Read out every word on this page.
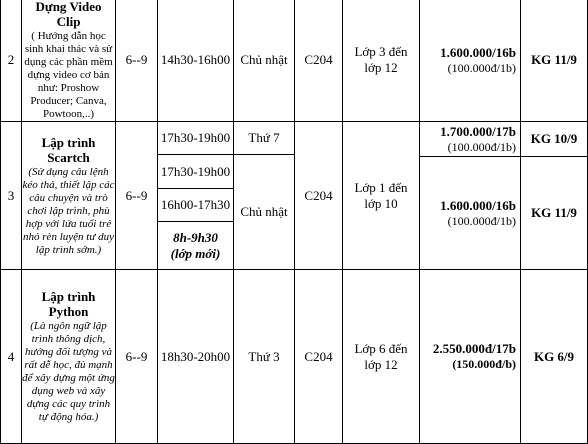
2
Dựng Video Clip
( Hướng dẫn học sinh khai thác và sử dụng các phần mềm dựng video cơ bản như: Proshow Producer; Canva, Powtoon,..)
6--9 14h30-16h00 Chủ nhật C204
Lớp 3 đến lớp 12
1.600.000/16b
(100.000đ/1b)
KG 11/9
3
Lập trình Scartch
(Sử dụng câu lệnh kéo thả, thiết lập các câu chuyện và trò chơi lập trình, phù hợp với lứa tuổi trẻ nhỏ rèn luyện tư duy lập trình sớm.)
6--9
17h30-19h00
17h30-19h00
16h00-17h30
8h-9h30
(lớp mới)
Thứ 7
Chủ nhật
C204
Lớp 1 đến lớp 10
1.700.000/17b
(100.000đ/1b)
1.600.000/16b
(100.000đ/1b)
KG 10/9
KG 11/9
4
Lập trình Python
(Là ngôn ngữ lập trình thông dịch, hướng đối tượng và rất dễ học, đủ mạnh để xây dựng một ứng dụng web và xây dựng các quy trình tự động hóa.)
6--9 18h30-20h00 Thứ 3 C204
Lớp 6 đến lớp 12
2.550.000đ/17b
(150.000đ/b)
KG 6/9
